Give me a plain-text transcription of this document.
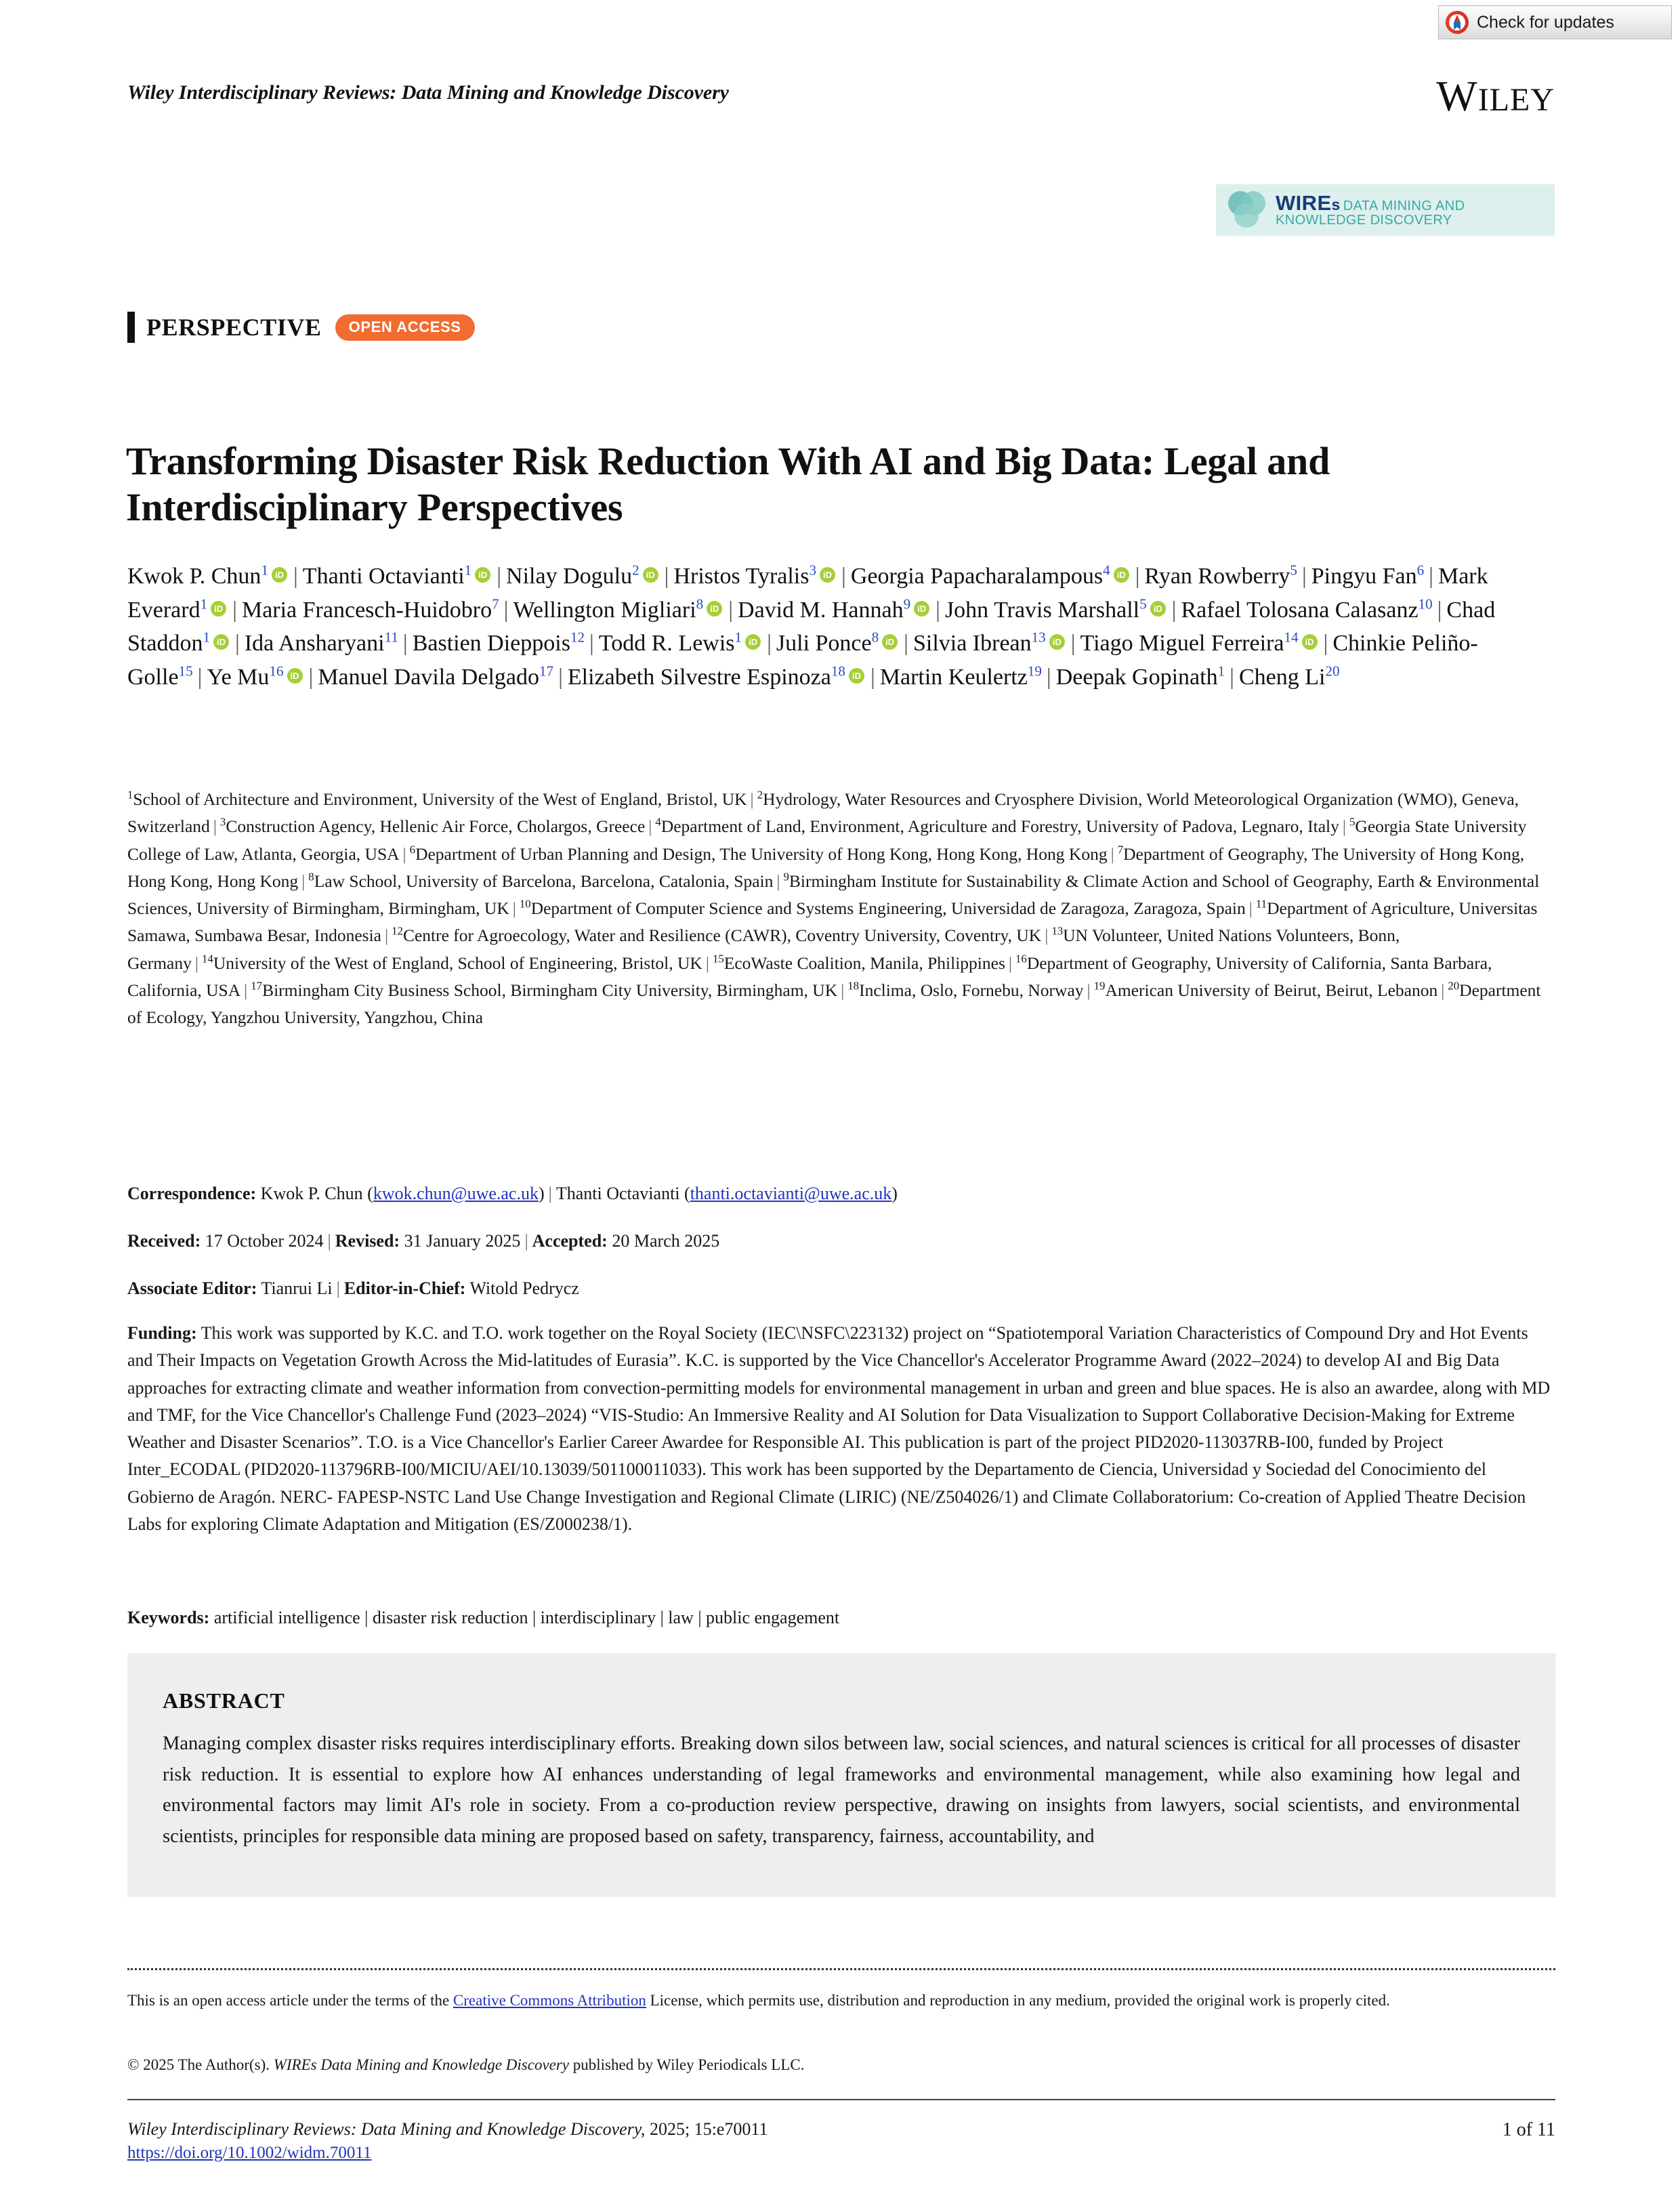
Check for updates
Wiley Interdisciplinary Reviews: Data Mining and Knowledge Discovery	WILEY
WIREs DATA MINING AND KNOWLEDGE DISCOVERY
PERSPECTIVE	OPEN ACCESS
Transforming Disaster Risk Reduction With AI and Big Data: Legal and Interdisciplinary Perspectives
Kwok P. Chun$^1$ iD | Thanti Octavianti$^1$ iD | Nilay Dogulu$^2$ iD | Hristos Tyralis$^3$ iD | Georgia Papacharalampous$^4$ iD | Ryan Rowberry$^5$ | Pingyu Fan$^6$ | Mark Everard$^1$ iD | Maria Francesch-Huidobro$^7$ | Wellington Migliari$^8$ iD | David M. Hannah$^9$iD | John Travis Marshall$^5$ iD | Rafael Tolosana Calasanz$^{10}$ | Chad Staddon$^1$ iD | Ida Ansharyani$^{11}$ | Bastien Dieppois$^{12}$ | Todd R. Lewis$^1$ iD | Juli Ponce$^8$ iD | Silvia Ibrean$^{13}$ iD | Tiago Miguel Ferreira$^{14}$ iD | Chinkie Peliño-Golle$^{15}$ | Ye Mu$^{16}$ iD | Manuel Davila Delgado$^{17}$ | Elizabeth Silvestre Espinoza$^{18}$ iD | Martin Keulertz$^{19}$ | Deepak Gopinath$^1$ | Cheng Li$^{20}$
$^1$School of Architecture and Environment, University of the West of England, Bristol, UK | $^2$Hydrology, Water Resources and Cryosphere Division, World Meteorological Organization (WMO), Geneva, Switzerland | $^3$Construction Agency, Hellenic Air Force, Cholargos, Greece | $^4$Department of Land, Environment, Agriculture and Forestry, University of Padova, Legnaro, Italy | $^5$Georgia State University College of Law, Atlanta, Georgia, USA | $^6$Department of Urban Planning and Design, The University of Hong Kong, Hong Kong, Hong Kong | $^7$Department of Geography, The University of Hong Kong, Hong Kong, Hong Kong | $^8$Law School, University of Barcelona, Barcelona, Catalonia, Spain | $^9$Birmingham Institute for Sustainability & Climate Action and School of Geography, Earth & Environmental Sciences, University of Birmingham, Birmingham, UK | $^{10}$Department of Computer Science and Systems Engineering, Universidad de Zaragoza, Zaragoza, Spain | $^{11}$Department of Agriculture, Universitas Samawa, Sumbawa Besar, Indonesia | $^{12}$Centre for Agroecology, Water and Resilience (CAWR), Coventry University, Coventry, UK | $^{13}$UN Volunteer, United Nations Volunteers, Bonn, Germany | $^{14}$University of the West of England, School of Engineering, Bristol, UK | $^{15}$EcoWaste Coalition, Manila, Philippines | $^{16}$Department of Geography, University of California, Santa Barbara, California, USA | $^{17}$Birmingham City Business School, Birmingham City University, Birmingham, UK | $^{18}$Inclima, Oslo, Fornebu, Norway | $^{19}$American University of Beirut, Beirut, Lebanon | $^{20}$Department of Ecology, Yangzhou University, Yangzhou, China
Correspondence: Kwok P. Chun (kwok.chun@uwe.ac.uk) | Thanti Octavianti (thanti.octavianti@uwe.ac.uk)
Received: 17 October 2024 | Revised: 31 January 2025 | Accepted: 20 March 2025
Associate Editor: Tianrui Li | Editor-in-Chief: Witold Pedrycz
Funding: This work was supported by K.C. and T.O. work together on the Royal Society (IEC\NSFC\223132) project on “Spatiotemporal Variation Characteristics of Compound Dry and Hot Events and Their Impacts on Vegetation Growth Across the Mid-latitudes of Eurasia”. K.C. is supported by the Vice Chancellor's Accelerator Programme Award (2022–2024) to develop AI and Big Data approaches for extracting climate and weather information from convection-permitting models for environmental management in urban and green and blue spaces. He is also an awardee, along with MD and TMF, for the Vice Chancellor's Challenge Fund (2023–2024) “VIS-Studio: An Immersive Reality and AI Solution for Data Visualization to Support Collaborative Decision-Making for Extreme Weather and Disaster Scenarios”. T.O. is a Vice Chancellor's Earlier Career Awardee for Responsible AI. This publication is part of the project PID2020-113037RB-I00, funded by Project Inter_ECODAL (PID2020-113796RB-I00/MICIU/AEI/10.13039/501100011033). This work has been supported by the Departamento de Ciencia, Universidad y Sociedad del Conocimiento del Gobierno de Aragón. NERC- FAPESP-NSTC Land Use Change Investigation and Regional Climate (LIRIC) (NE/Z504026/1) and Climate Collaboratorium: Co-creation of Applied Theatre Decision Labs for exploring Climate Adaptation and Mitigation (ES/Z000238/1).
Keywords: artificial intelligence | disaster risk reduction | interdisciplinary | law | public engagement
ABSTRACT
Managing complex disaster risks requires interdisciplinary efforts. Breaking down silos between law, social sciences, and natural sciences is critical for all processes of disaster risk reduction. It is essential to explore how AI enhances understanding of legal frameworks and environmental management, while also examining how legal and environmental factors may limit AI's role in society. From a co-production review perspective, drawing on insights from lawyers, social scientists, and environmental scientists, principles for responsible data mining are proposed based on safety, transparency, fairness, accountability, and
This is an open access article under the terms of the Creative Commons Attribution License, which permits use, distribution and reproduction in any medium, provided the original work is properly cited.
© 2025 The Author(s). WIREs Data Mining and Knowledge Discovery published by Wiley Periodicals LLC.
Wiley Interdisciplinary Reviews: Data Mining and Knowledge Discovery, 2025; 15:e70011
https://doi.org/10.1002/widm.70011
1 of 11
